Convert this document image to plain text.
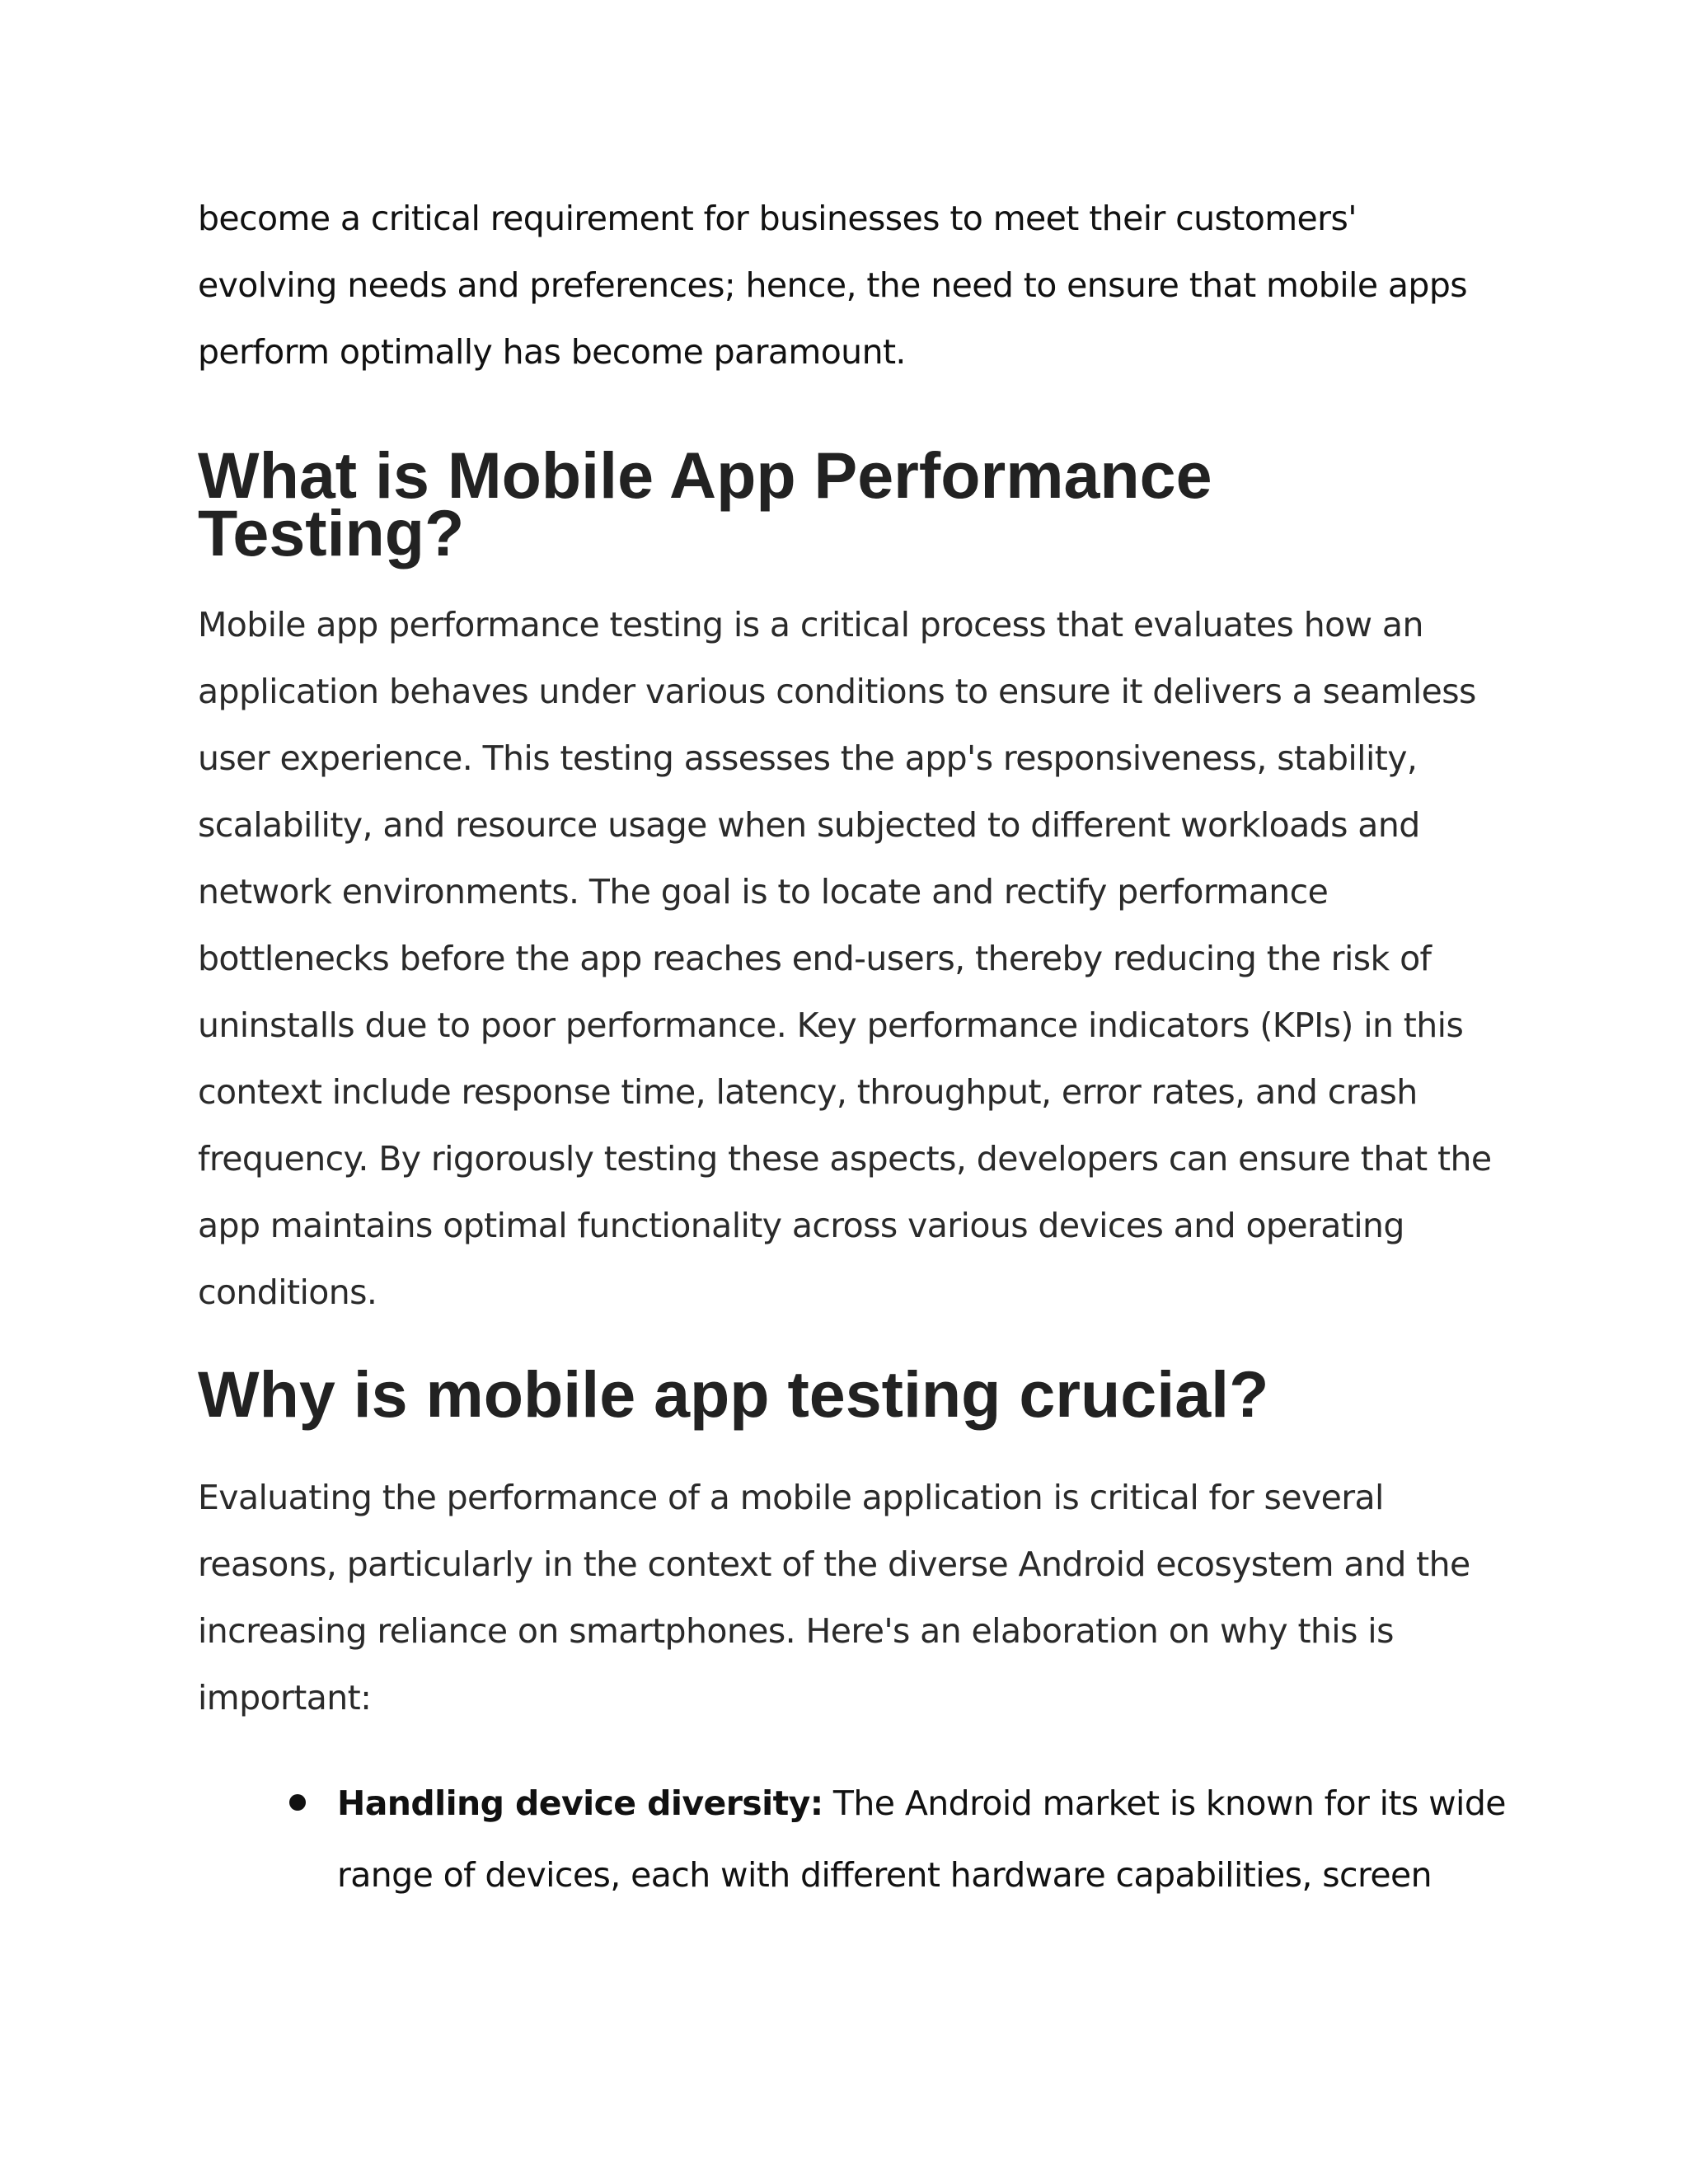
become a critical requirement for businesses to meet their customers'
evolving needs and preferences; hence, the need to ensure that mobile apps
perform optimally has become paramount.

What is Mobile App Performance
Testing?

Mobile app performance testing is a critical process that evaluates how an
application behaves under various conditions to ensure it delivers a seamless
user experience. This testing assesses the app's responsiveness, stability,
scalability, and resource usage when subjected to different workloads and
network environments. The goal is to locate and rectify performance
bottlenecks before the app reaches end-users, thereby reducing the risk of
uninstalls due to poor performance. Key performance indicators (KPIs) in this
context include response time, latency, throughput, error rates, and crash
frequency. By rigorously testing these aspects, developers can ensure that the
app maintains optimal functionality across various devices and operating
conditions.

Why is mobile app testing crucial?

Evaluating the performance of a mobile application is critical for several
reasons, particularly in the context of the diverse Android ecosystem and the
increasing reliance on smartphones. Here's an elaboration on why this is
important:

Handling device diversity: The Android market is known for its wide
range of devices, each with different hardware capabilities, screen
